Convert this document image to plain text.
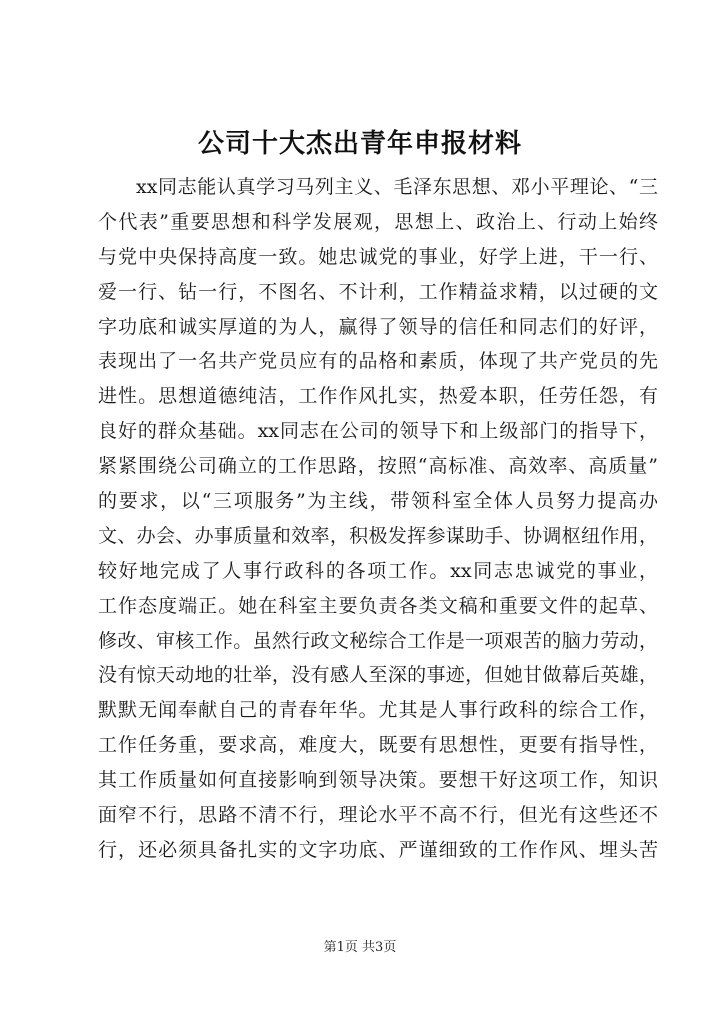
公司十大杰出青年申报材料
xx同志能认真学习马列主义、毛泽东思想、邓小平理论、“三
个代表”重要思想和科学发展观，思想上、政治上、行动上始终
与党中央保持高度一致。她忠诚党的事业，好学上进，干一行、
爱一行、钻一行，不图名、不计利，工作精益求精，以过硬的文
字功底和诚实厚道的为人，赢得了领导的信任和同志们的好评，
表现出了一名共产党员应有的品格和素质，体现了共产党员的先
进性。思想道德纯洁，工作作风扎实，热爱本职，任劳任怨，有
良好的群众基础。xx同志在公司的领导下和上级部门的指导下，
紧紧围绕公司确立的工作思路，按照“高标准、高效率、高质量”
的要求，以“三项服务”为主线，带领科室全体人员努力提高办
文、办会、办事质量和效率，积极发挥参谋助手、协调枢纽作用，
较好地完成了人事行政科的各项工作。xx同志忠诚党的事业，
工作态度端正。她在科室主要负责各类文稿和重要文件的起草、
修改、审核工作。虽然行政文秘综合工作是一项艰苦的脑力劳动，
没有惊天动地的壮举，没有感人至深的事迹，但她甘做幕后英雄，
默默无闻奉献自己的青春年华。尤其是人事行政科的综合工作，
工作任务重，要求高，难度大，既要有思想性，更要有指导性，
其工作质量如何直接影响到领导决策。要想干好这项工作，知识
面窄不行，思路不清不行，理论水平不高不行，但光有这些还不
行，还必须具备扎实的文字功底、严谨细致的工作作风、埋头苦
第1页 共3页
